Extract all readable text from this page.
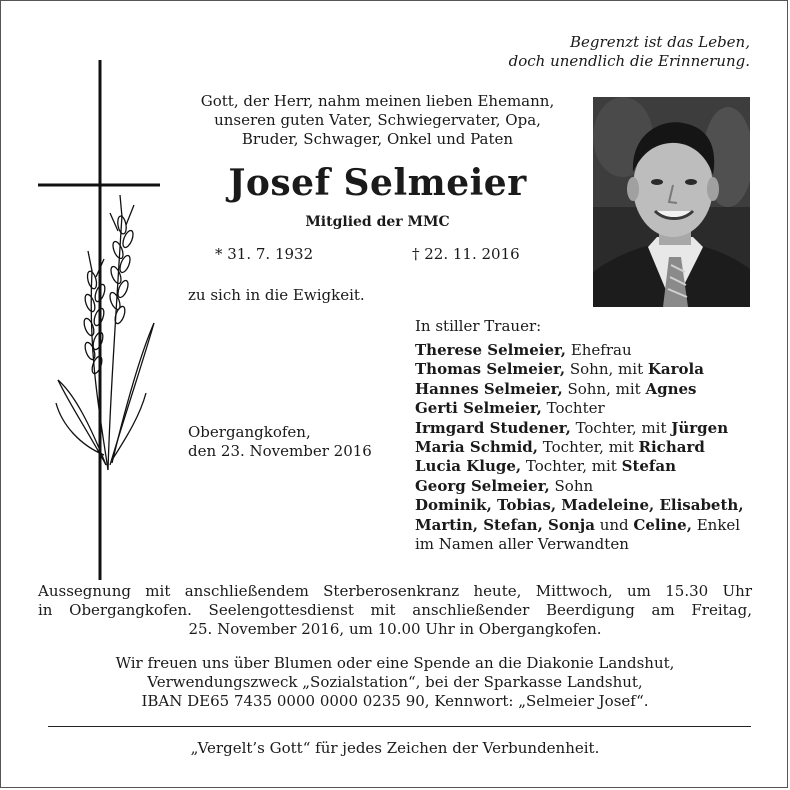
Begrenzt ist das Leben,
doch unendlich die Erinnerung.
Gott, der Herr, nahm meinen lieben Ehemann,
unseren guten Vater, Schwiegervater, Opa,
Bruder, Schwager, Onkel und Paten
Josef Selmeier
Mitglied der MMC
* 31. 7. 1932	† 22. 11. 2016
zu sich in die Ewigkeit.
Obergangkofen,
den 23. November 2016
In stiller Trauer:
Therese Selmeier, Ehefrau
Thomas Selmeier, Sohn, mit Karola
Hannes Selmeier, Sohn, mit Agnes
Gerti Selmeier, Tochter
Irmgard Studener, Tochter, mit Jürgen
Maria Schmid, Tochter, mit Richard
Lucia Kluge, Tochter, mit Stefan
Georg Selmeier, Sohn
Dominik, Tobias, Madeleine, Elisabeth,
Martin, Stefan, Sonja und Celine, Enkel
im Namen aller Verwandten
Aussegnung mit anschließendem Sterberosenkranz heute, Mittwoch, um 15.30 Uhr
in Obergangkofen. Seelengottesdienst mit anschließender Beerdigung am Freitag,
25. November 2016, um 10.00 Uhr in Obergangkofen.
Wir freuen uns über Blumen oder eine Spende an die Diakonie Landshut,
Verwendungszweck „Sozialstation“, bei der Sparkasse Landshut,
IBAN DE65 7435 0000 0000 0235 90, Kennwort: „Selmeier Josef“.
„Vergelt’s Gott“ für jedes Zeichen der Verbundenheit.
